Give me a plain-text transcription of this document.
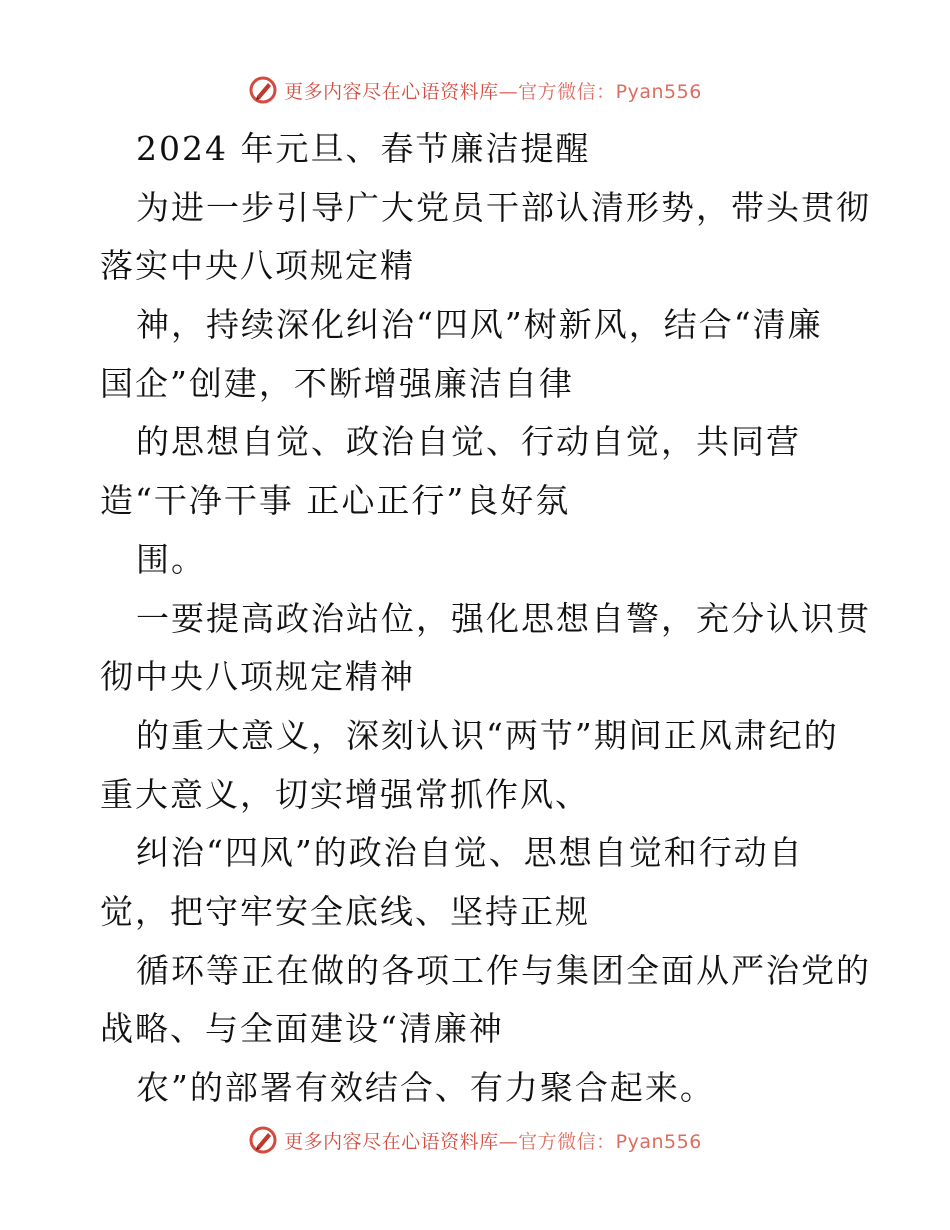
更多内容尽在心语资料库—官方微信：Pyan556
2024 年元旦、春节廉洁提醒
为进一步引导广大党员干部认清形势，带头贯彻
落实中央八项规定精
神，持续深化纠治“四风”树新风，结合“清廉
国企”创建，不断增强廉洁自律
的思想自觉、政治自觉、行动自觉，共同营
造“干净干事 正心正行”良好氛
围。
一要提高政治站位，强化思想自警，充分认识贯
彻中央八项规定精神
的重大意义，深刻认识“两节”期间正风肃纪的
重大意义，切实增强常抓作风、
纠治“四风”的政治自觉、思想自觉和行动自
觉，把守牢安全底线、坚持正规
循环等正在做的各项工作与集团全面从严治党的
战略、与全面建设“清廉神
农”的部署有效结合、有力聚合起来。
更多内容尽在心语资料库—官方微信：Pyan556
